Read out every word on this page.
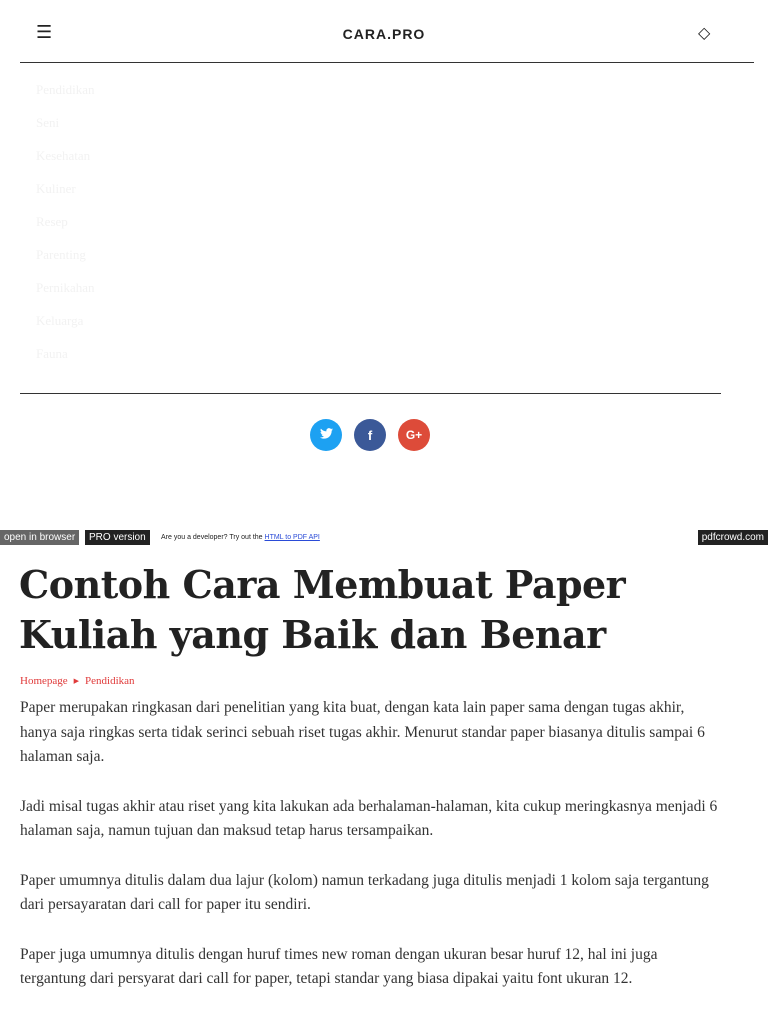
☰	CARA.PRO	◇
Pendidikan
Seni
Kesehatan
Kuliner
Resep
Parenting
Pernikahan
Keluarga
Fauna
f	G+
open in browser	PRO version	Are you a developer? Try out the HTML to PDF API	pdfcrowd.com
Contoh Cara Membuat Paper Kuliah yang Baik dan Benar
Homepage ▶ Pendidikan

Paper merupakan ringkasan dari penelitian yang kita buat, dengan kata lain paper sama dengan tugas akhir, hanya saja ringkas serta tidak serinci sebuah riset tugas akhir. Menurut standar paper biasanya ditulis sampai 6 halaman saja.

Jadi misal tugas akhir atau riset yang kita lakukan ada berhalaman-halaman, kita cukup meringkasnya menjadi 6 halaman saja, namun tujuan dan maksud tetap harus tersampaikan.

Paper umumnya ditulis dalam dua lajur (kolom) namun terkadang juga ditulis menjadi 1 kolom saja tergantung dari persayaratan dari call for paper itu sendiri.

Paper juga umumnya ditulis dengan huruf times new roman dengan ukuran besar huruf 12, hal ini juga tergantung dari persyarat dari call for paper, tetapi standar yang biasa dipakai yaitu font ukuran 12.
